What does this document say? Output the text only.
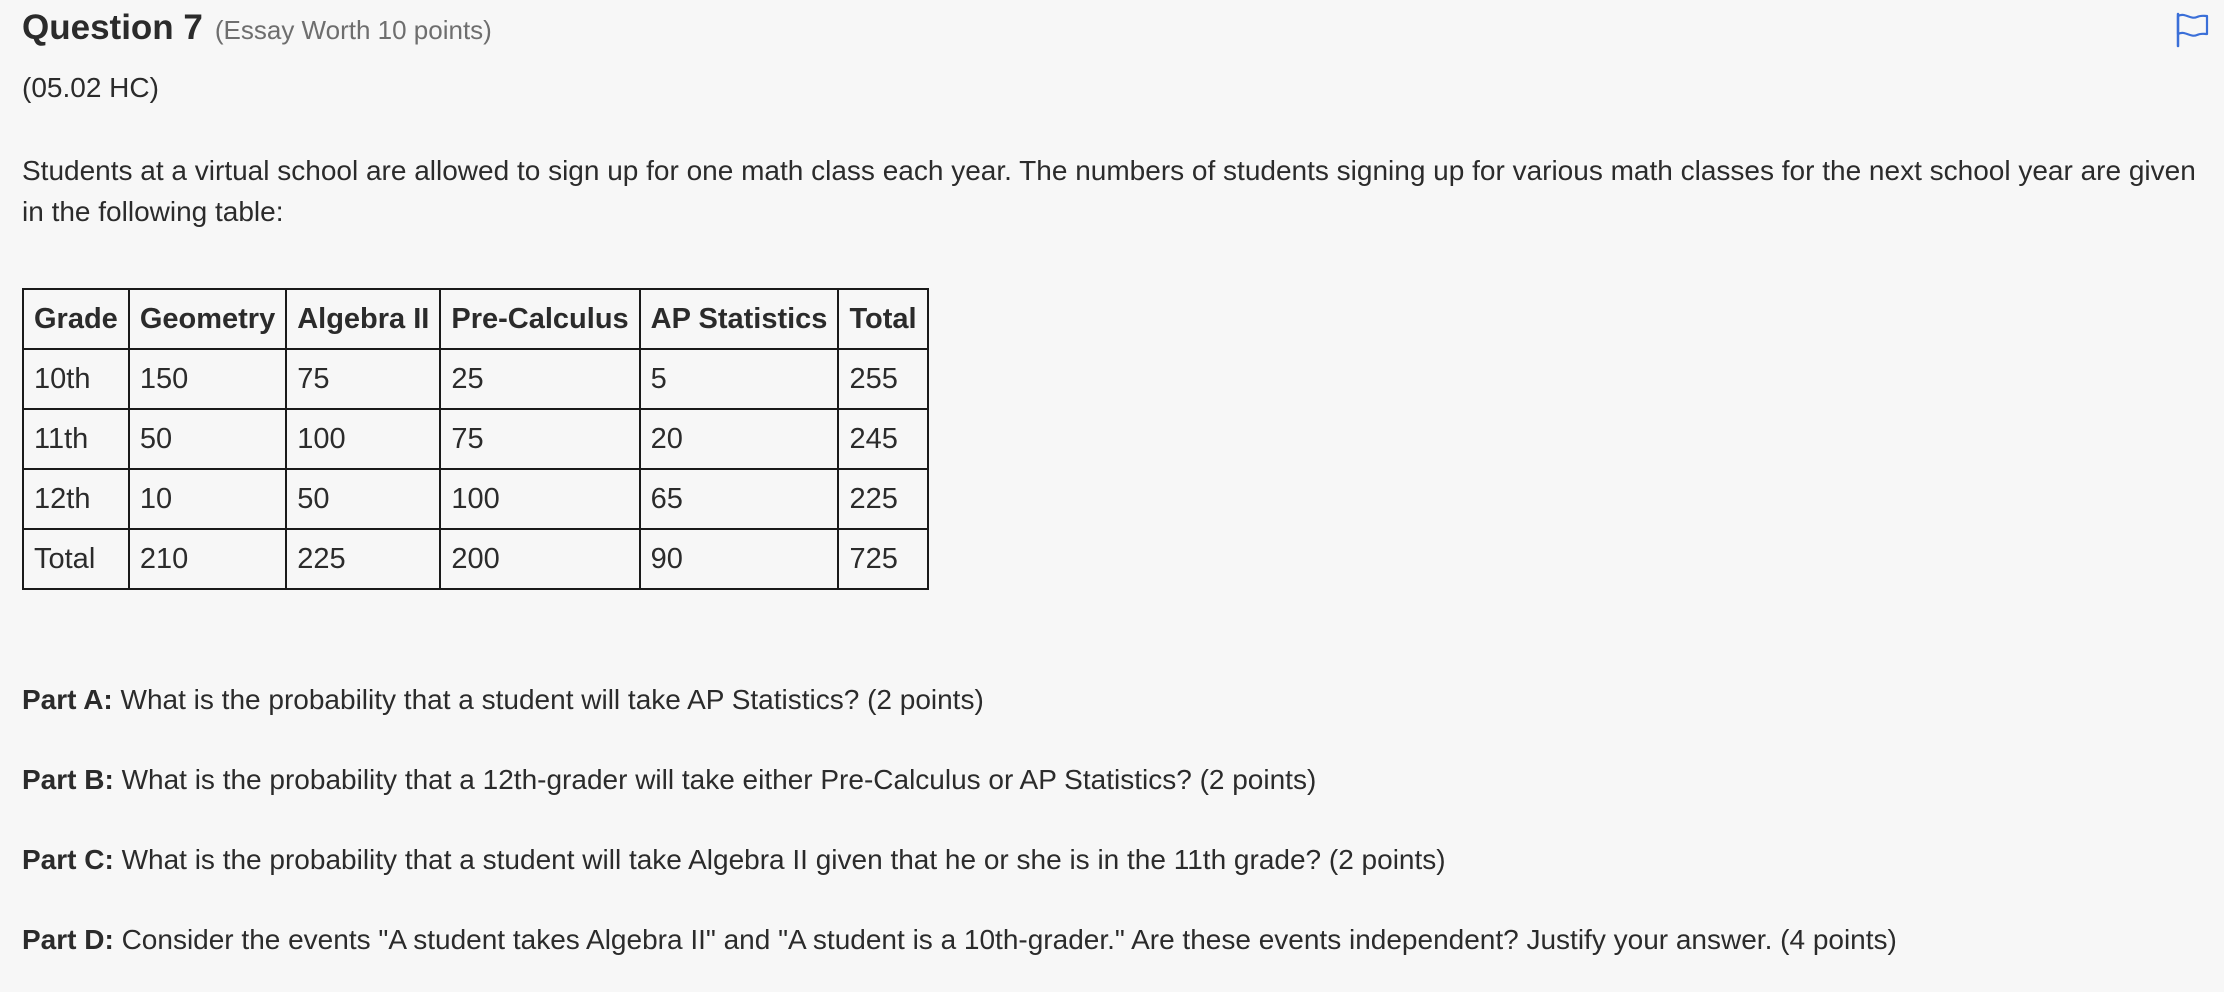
Question 7 (Essay Worth 10 points)
(05.02 HC)
Students at a virtual school are allowed to sign up for one math class each year. The numbers of students signing up for various math classes for the next school year are given in the following table:
Grade	Geometry	Algebra II	Pre-Calculus	AP Statistics	Total
10th	150	75	25	5	255
11th	50	100	75	20	245
12th	10	50	100	65	225
Total	210	225	200	90	725
Part A: What is the probability that a student will take AP Statistics? (2 points)
Part B: What is the probability that a 12th-grader will take either Pre-Calculus or AP Statistics? (2 points)
Part C: What is the probability that a student will take Algebra II given that he or she is in the 11th grade? (2 points)
Part D: Consider the events "A student takes Algebra II" and "A student is a 10th-grader." Are these events independent? Justify your answer. (4 points)
